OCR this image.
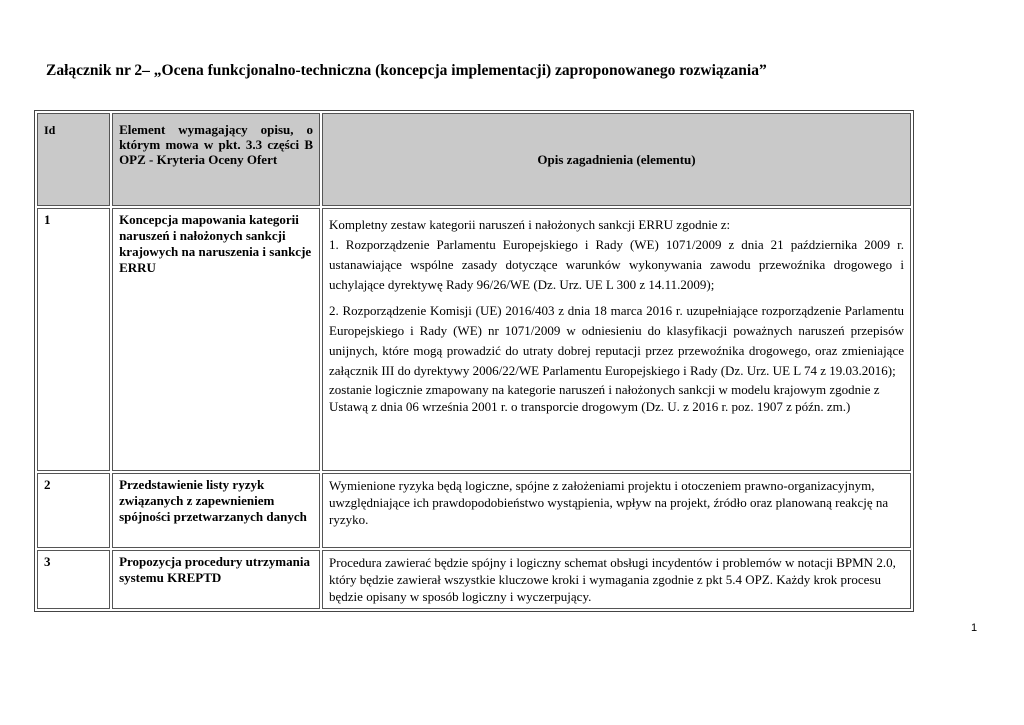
Załącznik nr 2– „Ocena funkcjonalno-techniczna (koncepcja implementacji) zaproponowanego rozwiązania”
Id	Element wymagający opisu, o którym mowa w pkt. 3.3 części B OPZ - Kryteria Oceny Ofert	Opis zagadnienia (elementu)
1	Koncepcja mapowania kategorii naruszeń i nałożonych sankcji krajowych na naruszenia i sankcje ERRU	Kompletny zestaw kategorii naruszeń i nałożonych sankcji ERRU zgodnie z:

1. Rozporządzenie Parlamentu Europejskiego i Rady (WE) 1071/2009 z dnia 21 października 2009 r. ustanawiające wspólne zasady dotyczące warunków wykonywania zawodu przewoźnika drogowego i uchylające dyrektywę Rady 96/26/WE (Dz. Urz. UE L 300 z 14.11.2009);

2. Rozporządzenie Komisji (UE) 2016/403 z dnia 18 marca 2016 r. uzupełniające rozporządzenie Parlamentu Europejskiego i Rady (WE) nr 1071/2009 w odniesieniu do klasyfikacji poważnych naruszeń przepisów unijnych, które mogą prowadzić do utraty dobrej reputacji przez przewoźnika drogowego, oraz zmieniające załącznik III do dyrektywy 2006/22/WE Parlamentu Europejskiego i Rady (Dz. Urz. UE L 74 z 19.03.2016);

zostanie logicznie zmapowany na kategorie naruszeń i nałożonych sankcji w modelu krajowym zgodnie z Ustawą z dnia 06 września 2001 r. o transporcie drogowym (Dz. U. z 2016 r. poz. 1907 z późn. zm.)

2	Przedstawienie listy ryzyk związanych z zapewnieniem spójności przetwarzanych danych	Wymienione ryzyka będą logiczne, spójne z założeniami projektu i otoczeniem prawno-organizacyjnym, uwzględniające ich prawdopodobieństwo wystąpienia, wpływ na projekt, źródło oraz planowaną reakcję na ryzyko.
3	Propozycja procedury utrzymania systemu KREPTD	Procedura zawierać będzie spójny i logiczny schemat obsługi incydentów i problemów w notacji BPMN 2.0, który będzie zawierał wszystkie kluczowe kroki i wymagania zgodnie z pkt 5.4 OPZ. Każdy krok procesu będzie opisany w sposób logiczny i wyczerpujący.
1
